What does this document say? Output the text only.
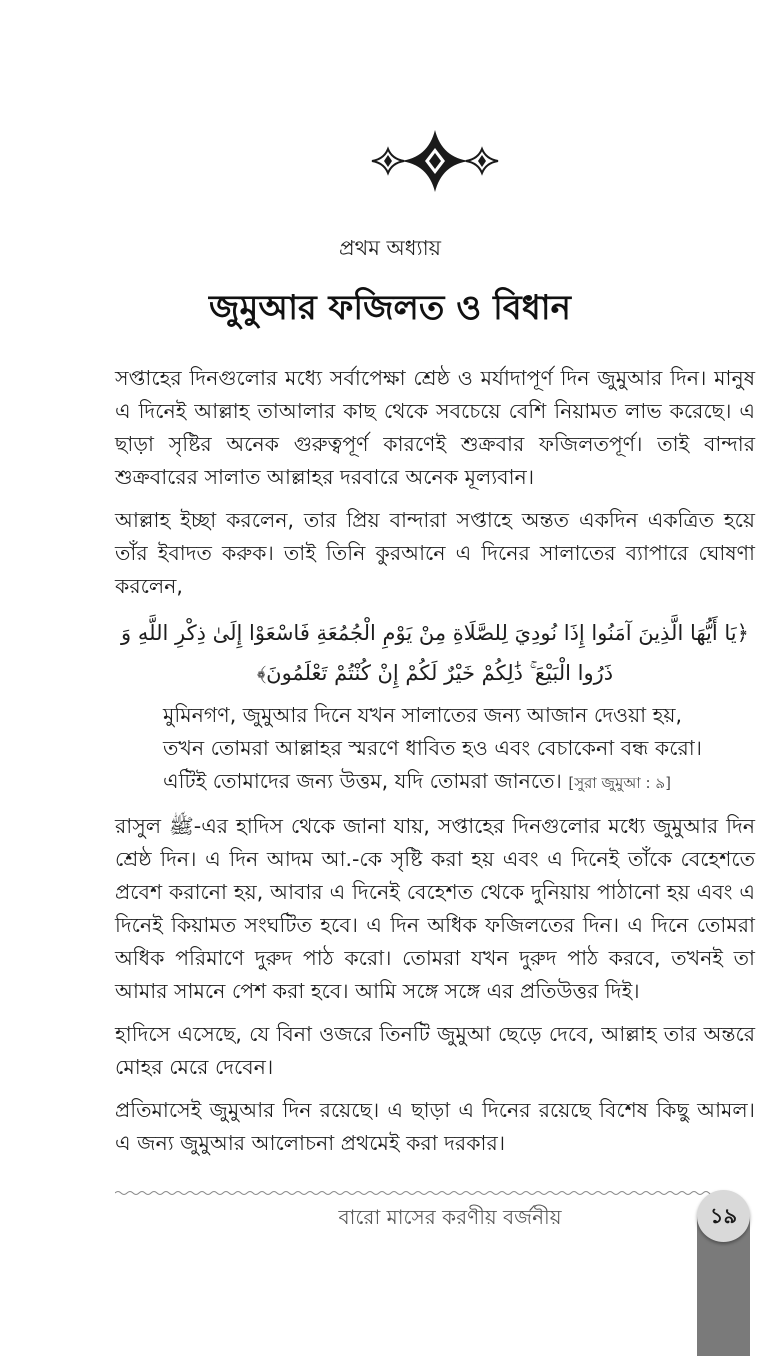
প্রথম অধ্যায়
জুমুআর ফজিলত ও বিধান

সপ্তাহের দিনগুলোর মধ্যে সর্বাপেক্ষা শ্রেষ্ঠ ও মর্যাদাপূর্ণ দিন জুমুআর দিন। মানুষ এ দিনেই আল্লাহ তাআলার কাছ থেকে সবচেয়ে বেশি নিয়ামত লাভ করেছে। এ ছাড়া সৃষ্টির অনেক গুরুত্বপূর্ণ কারণেই শুক্রবার ফজিলতপূর্ণ। তাই বান্দার শুক্রবারের সালাত আল্লাহর দরবারে অনেক মূল্যবান।

আল্লাহ ইচ্ছা করলেন, তার প্রিয় বান্দারা সপ্তাহে অন্তত একদিন একত্রিত হয়ে তাঁর ইবাদত করুক। তাই তিনি কুরআনে এ দিনের সালাতের ব্যাপারে ঘোষণা করলেন,

﴿يَا أَيُّهَا الَّذِينَ آمَنُوا إِذَا نُودِيَ لِلصَّلَاةِ مِنْ يَوْمِ الْجُمُعَةِ فَاسْعَوْا إِلَىٰ ذِكْرِ اللَّهِ وَ
ذَرُوا الْبَيْعَ ۚ ذَٰلِكُمْ خَيْرٌ لَكُمْ إِنْ كُنْتُمْ تَعْلَمُونَ﴾
মুমিনগণ, জুমুআর দিনে যখন সালাতের জন্য আজান দেওয়া হয়,
তখন তোমরা আল্লাহর স্মরণে ধাবিত হও এবং বেচাকেনা বন্ধ করো।
এটিই তোমাদের জন্য উত্তম, যদি তোমরা জানতে। [সুরা জুমুআ : ৯]

রাসুল ﷺ-এর হাদিস থেকে জানা যায়, সপ্তাহের দিনগুলোর মধ্যে জুমুআর দিন শ্রেষ্ঠ দিন। এ দিন আদম আ.-কে সৃষ্টি করা হয় এবং এ দিনেই তাঁকে বেহেশতে প্রবেশ করানো হয়, আবার এ দিনেই বেহেশত থেকে দুনিয়ায় পাঠানো হয় এবং এ দিনেই কিয়ামত সংঘটিত হবে। এ দিন অধিক ফজিলতের দিন। এ দিনে তোমরা অধিক পরিমাণে দুরুদ পাঠ করো। তোমরা যখন দুরুদ পাঠ করবে, তখনই তা আমার সামনে পেশ করা হবে। আমি সঙ্গে সঙ্গে এর প্রতিউত্তর দিই।

হাদিসে এসেছে, যে বিনা ওজরে তিনটি জুমুআ ছেড়ে দেবে, আল্লাহ তার অন্তরে মোহর মেরে দেবেন।

প্রতিমাসেই জুমুআর দিন রয়েছে। এ ছাড়া এ দিনের রয়েছে বিশেষ কিছু আমল। এ জন্য জুমুআর আলোচনা প্রথমেই করা দরকার।

বারো মাসের করণীয় বর্জনীয়	১৯
